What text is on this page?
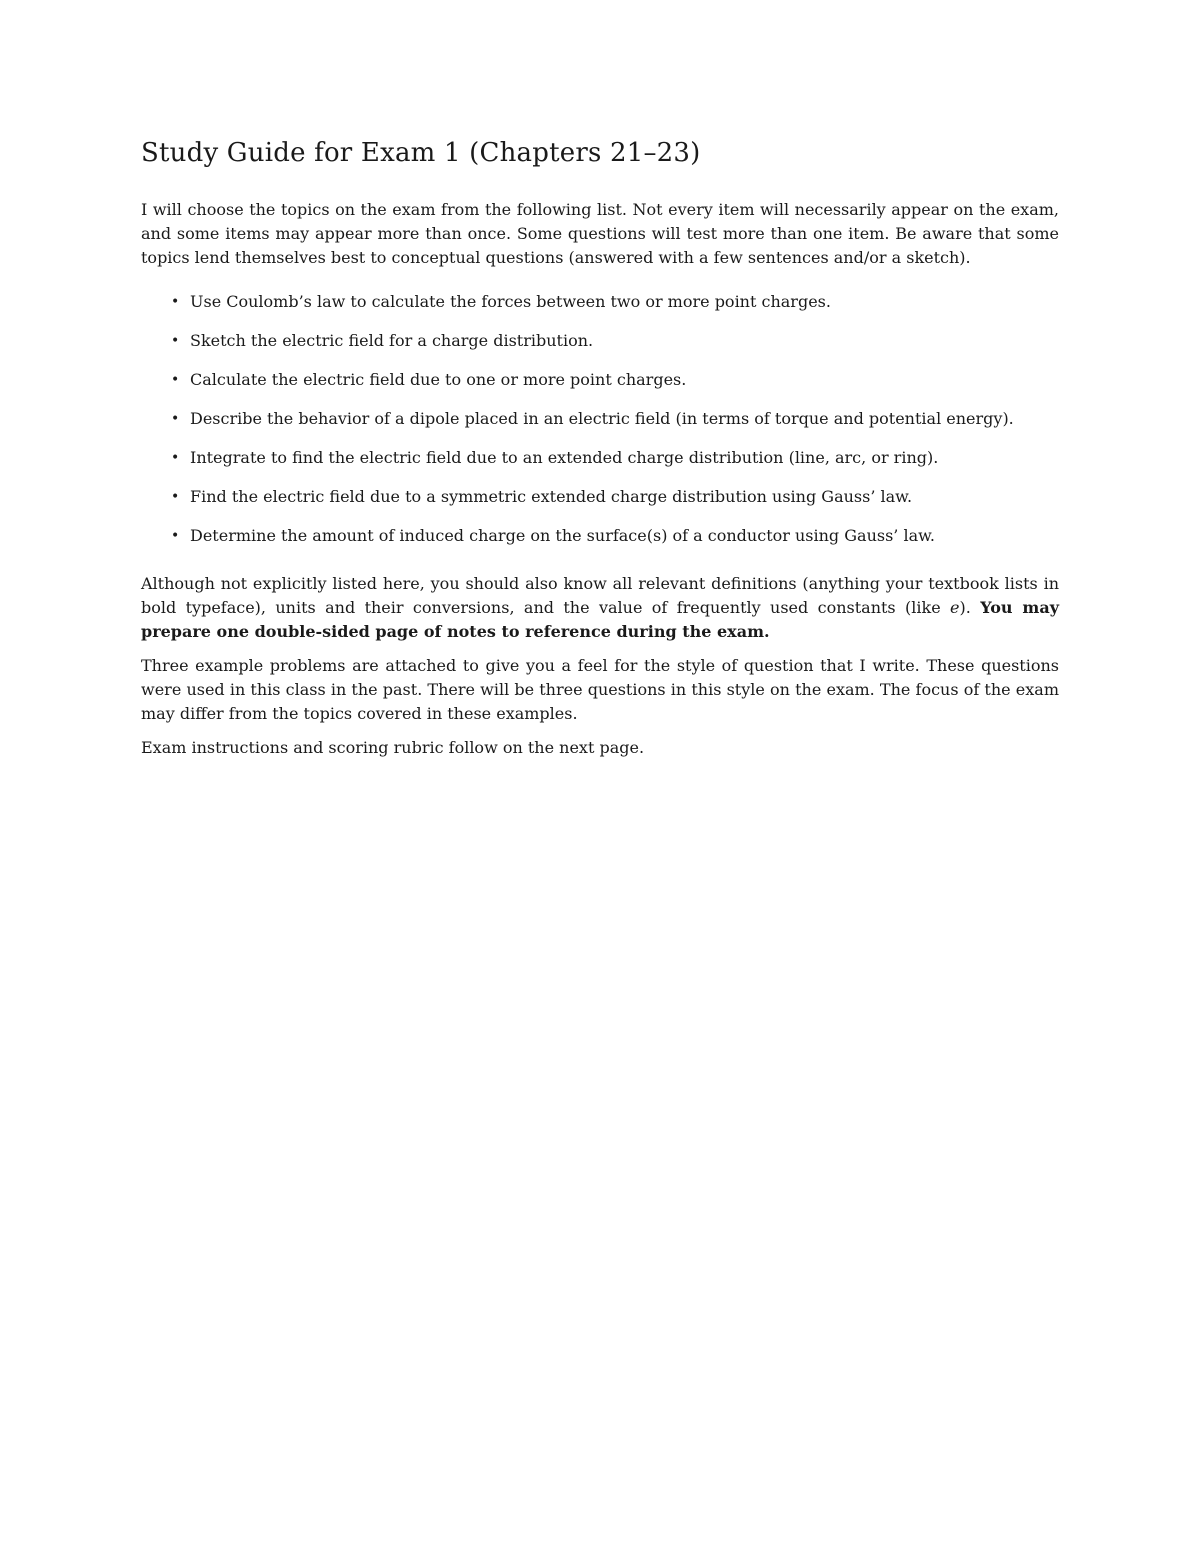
Study Guide for Exam 1 (Chapters 21–23)

I will choose the topics on the exam from the following list. Not every item will necessarily appear on the exam, and some items may appear more than once. Some questions will test more than one item. Be aware that some topics lend themselves best to conceptual questions (answered with a few sentences and/or a sketch).

• Use Coulomb’s law to calculate the forces between two or more point charges.
• Sketch the electric field for a charge distribution.
• Calculate the electric field due to one or more point charges.
• Describe the behavior of a dipole placed in an electric field (in terms of torque and potential energy).
• Integrate to find the electric field due to an extended charge distribution (line, arc, or ring).
• Find the electric field due to a symmetric extended charge distribution using Gauss’ law.
• Determine the amount of induced charge on the surface(s) of a conductor using Gauss’ law.

Although not explicitly listed here, you should also know all relevant definitions (anything your textbook lists in bold typeface), units and their conversions, and the value of frequently used constants (like e). You may prepare one double-sided page of notes to reference during the exam.

Three example problems are attached to give you a feel for the style of question that I write. These questions were used in this class in the past. There will be three questions in this style on the exam. The focus of the exam may differ from the topics covered in these examples.

Exam instructions and scoring rubric follow on the next page.
